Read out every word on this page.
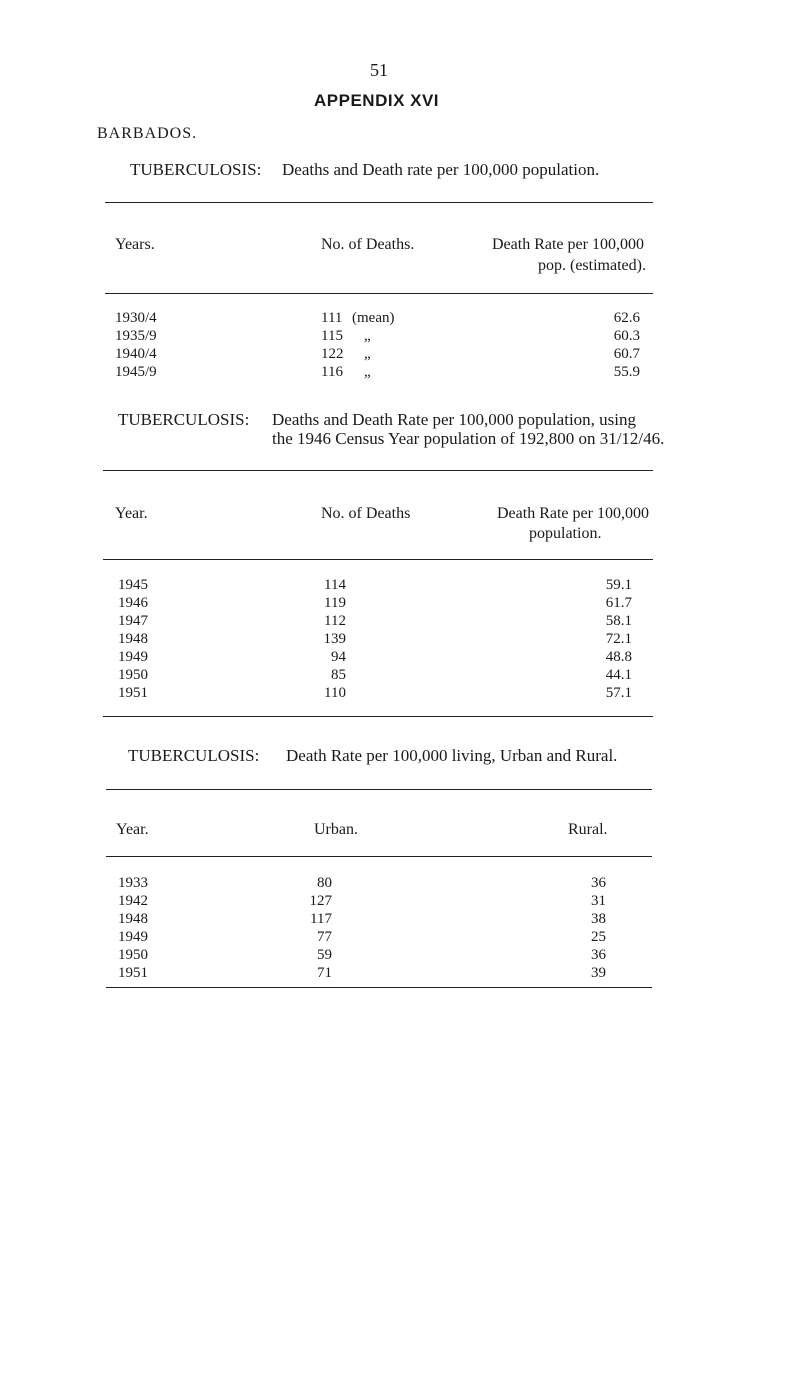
51
APPENDIX XVI
BARBADOS.
TUBERCULOSIS: Deaths and Death rate per 100,000 population.
Years.	No. of Deaths.	Death Rate per 100,000
pop. (estimated).
1930/4	111 (mean)	62.6
1935/9	115 „	60.3
1940/4	122 „	60.7
1945/9	116 „	55.9
TUBERCULOSIS: Deaths and Death Rate per 100,000 population, using
the 1946 Census Year population of 192,800 on 31/12/46.
Year.	No. of Deaths	Death Rate per 100,000
population.
1945	114	59.1
1946	119	61.7
1947	112	58.1
1948	139	72.1
1949	94	48.8
1950	85	44.1
1951	110	57.1
TUBERCULOSIS: Death Rate per 100,000 living, Urban and Rural.
Year.	Urban.	Rural.
1933	80	36
1942	127	31
1948	117	38
1949	77	25
1950	59	36
1951	71	39
